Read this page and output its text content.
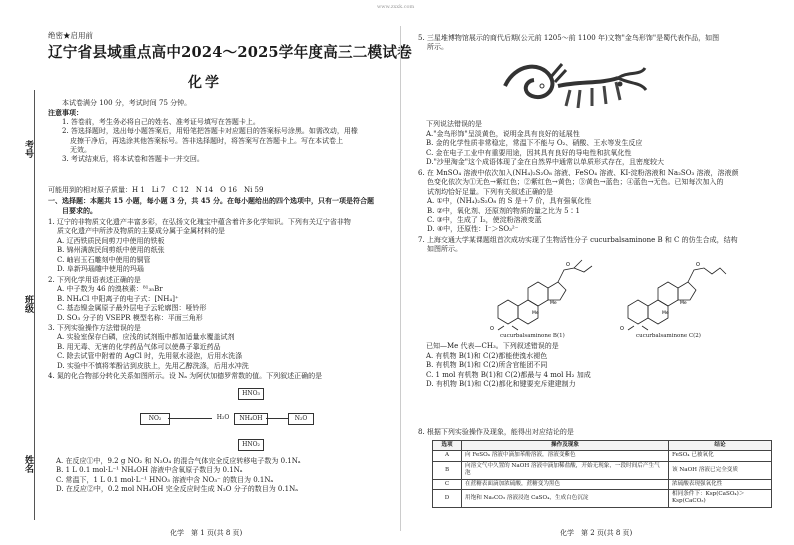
www.zxxk.com
绝密★启用前
辽宁省县域重点高中2024～2025学年度高三二模试卷
化学
考号
班级
姓名
本试卷满分 100 分，考试时间 75 分钟。
注意事项：
1. 答卷前，考生务必将自己的姓名、准考证号填写在答题卡上。
2. 答选择题时，选出每小题答案后，用铅笔把答题卡对应题目的答案标号涂黑。如需改动，用橡
皮擦干净后，再选涂其他答案标号。答非选择题时，将答案写在答题卡上。写在本试卷上
无效。
3. 考试结束后，将本试卷和答题卡一并交回。
可能用到的相对原子质量：H 1　Li 7　C 12　N 14　O 16　Ni 59
一、选择题：本题共 15 小题，每小题 3 分，共 45 分。在每小题给出的四个选项中，只有一项是符合题
目要求的。
1. 辽宁的非物质文化遗产丰富多彩，在弘扬文化瑰宝中蕴含着许多化学知识。下列有关辽宁省非物
质文化遗产中所涉及物质的主要成分属于金属材料的是
A. 辽西铁质民间剪刀中使用的铁板
B. 锦州满族民间剪纸中使用的纸张
C. 岫岩玉石雕刻中使用的铜管
D. 阜新玛瑙雕中使用的玛瑙
2. 下列化学用语表述正确的是
A. 中子数为 46 的溴核素：⁸¹₃₅Br
B. NH₄Cl 中阳离子的电子式：[NH₄]⁺
C. 基态镍金属原子最外层电子云轮廓图：哑铃形
D. SO₃ 分子的 VSEPR 模型名称：平面三角形
3. 下列实验操作方法错误的是
A. 实验室保存白磷，应浅的试剂瓶中都加适量水覆盖试剂
B. 用无毒、无害的化学药品气体可以使鼻子靠近药品
C. 除去试管中附着的 AgCl 时，先用氨水浸泡，后用水洗涤
D. 实验中不慎将苯酚沾到皮肤上，先用乙醇洗涤，后用水冲洗
4. 氮的化合物部分转化关系如图所示。设 Nₐ 为阿伏加德罗常数的值。下列叙述正确的是
NO₂	H₂O
HNO₃
NH₄OH	N₂O
HNO₂
A. 在反应①中，9.2 g NO₂ 和 N₂O₄ 的混合气体完全反应转移电子数为 0.1Nₐ
B. 1 L 0.1 mol·L⁻¹ NH₄OH 溶液中含氧原子数目为 0.1Nₐ
C. 常温下，1 L 0.1 mol·L⁻¹ HNO₃ 溶液中含 NO₃⁻ 的数目为 0.1Nₐ
D. 在反应②中，0.2 mol NH₄OH 完全反应时生成 N₂O 分子的数目为 0.1Nₐ
化学　第 1 页(共 8 页)
5. 三星堆博物馆展示的商代后期(公元前 1205～前 1100 年)文物"金鸟形饰"是蜀代表作品，如图
所示。
下列说法错误的是
A."金鸟形饰"呈淡黄色，说明金具有良好的延展性
B. 金的化学性质非常稳定，常温下不能与 O₂、硝酸、王水等发生反应
C. 金在电子工业中有重要用途，因其具有良好的导电性和抗氧化性
D."沙里淘金"这个成语体现了金在自然界中通常以单质形式存在，且密度较大
6. 在 MnSO₄ 溶液中依次加入(NH₄)₂S₂O₈ 溶液、FeSO₄ 溶液、KI-淀粉溶液和 Na₂SO₃ 溶液，溶液颜
色变化依次为①无色→紫红色；②紫红色→黄色；③黄色→蓝色；④蓝色→无色。已知每次加入的
试剂均恰好足量。下列有关叙述正确的是
A. ①中，(NH₄)₂S₂O₈ 的 S 是＋7 价，具有强氧化性
B. ②中，氧化剂、还原剂的物质的量之比为 5∶1
C. ③中，生成了 I₂，使淀粉溶液变蓝
D. ④中，还原性：I⁻＞SO₃²⁻
7. 上海交通大学某课题组首次成功实现了生物活性分子 cucurbalsaminone B 和 C 的仿生合成，结构
如图所示。
O
Me
Me
O
O
Me
Me
O
cucurbalsaminone B(1)	cucurbalsaminone C(2)
已知—Me 代表—CH₃。下列叙述错误的是
A. 有机物 B(1)和 C(2)都能使溴水褪色
B. 有机物 B(1)和 C(2)所含官能团不同
C. 1 mol 有机物 B(1)和 C(2)都最与 4 mol H₂ 加成
D. 有机物 B(1)和 C(2)都化和键要充斥建建制力
8. 根据下列实验操作及现象，能得出对应结论的是
选项	操作及现象	结论
A	向 FeSO₄ 溶液中滴加苯酚溶液，溶液变紫色	FeSO₄ 已被氧化
B	向溶文气中久置的 NaOH 溶液中滴加稀盐酸，开始无现象，一段时间后产生气泡	该 NaOH 溶液已完全变质
C	在蔗糖表面滴加浓硫酸，蔗糖变为黑色	浓硫酸表现强氧化性
D	用饱和 Na₂CO₃ 溶液浸泡 CaSO₄，生成白色沉淀	相同条件下：Ksp(CaSO₄)＞Ksp(CaCO₃)
化学　第 2 页(共 8 页)
